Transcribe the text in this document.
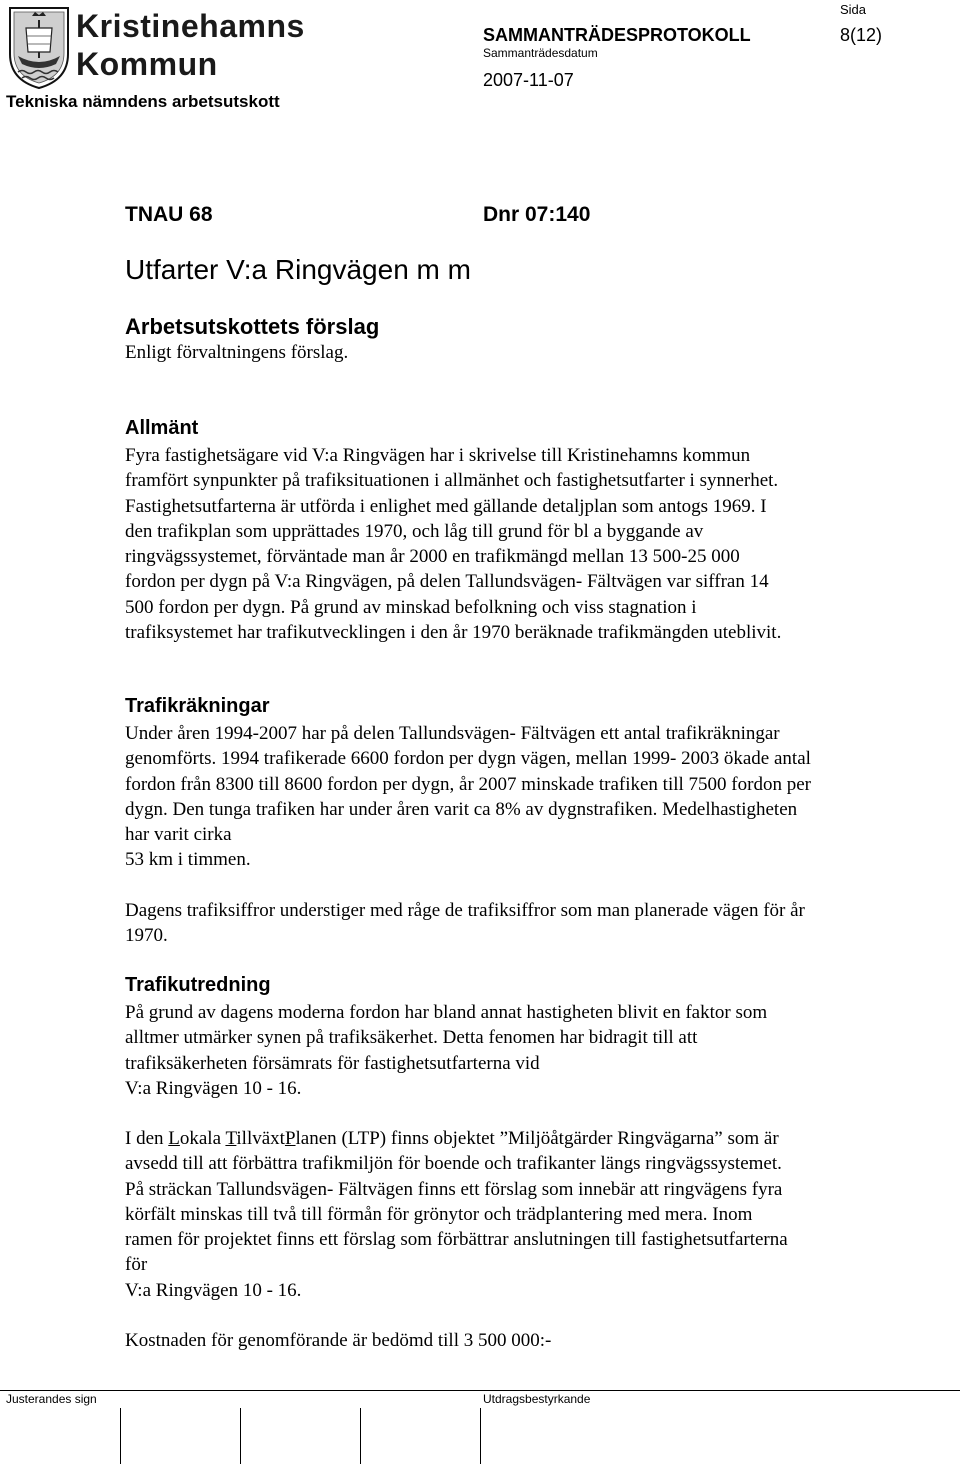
Kristinehamns
Kommun
Tekniska nämndens arbetsutskott
Sida
SAMMANTRÄDESPROTOKOLL	8(12)
Sammanträdesdatum
2007-11-07
TNAU 68	Dnr 07:140
Utfarter V:a Ringvägen m m
Arbetsutskottets förslag
Enligt förvaltningens förslag.
Allmänt
Fyra fastighetsägare vid V:a Ringvägen har i skrivelse till Kristinehamns kommun framfört synpunkter på trafiksituationen i allmänhet och fastighetsutfarter i synnerhet. Fastighetsutfarterna är utförda i enlighet med gällande detaljplan som antogs 1969. I den trafikplan som upprättades 1970, och låg till grund för bl a byggande av ringvägssystemet, förväntade man år 2000 en trafikmängd mellan 13 500-25 000 fordon per dygn på V:a Ringvägen, på delen Tallundsvägen- Fältvägen var siffran 14 500 fordon per dygn. På grund av minskad befolkning och viss stagnation i trafiksystemet har trafikutvecklingen i den år 1970 beräknade trafikmängden uteblivit.
Trafikräkningar
Under åren 1994-2007 har på delen Tallundsvägen- Fältvägen ett antal trafikräkningar genomförts. 1994 trafikerade 6600 fordon per dygn vägen, mellan 1999- 2003 ökade antal fordon från 8300 till 8600 fordon per dygn, år 2007 minskade trafiken till 7500 fordon per dygn. Den tunga trafiken har under åren varit ca 8% av dygnstrafiken. Medelhastigheten har varit cirka
53 km i timmen.
Dagens trafiksiffror understiger med råge de trafiksiffror som man planerade vägen för år 1970.
Trafikutredning
På grund av dagens moderna fordon har bland annat hastigheten blivit en faktor som alltmer utmärker synen på trafiksäkerhet. Detta fenomen har bidragit till att trafiksäkerheten försämrats för fastighetsutfarterna vid
V:a Ringvägen 10 - 16.
I den Lokala TillväxtPlanen (LTP) finns objektet ”Miljöåtgärder Ringvägarna” som är avsedd till att förbättra trafikmiljön för boende och trafikanter längs ringvägssystemet. På sträckan Tallundsvägen- Fältvägen finns ett förslag som innebär att ringvägens fyra körfält minskas till två till förmån för grönytor och trädplantering med mera. Inom ramen för projektet finns ett förslag som förbättrar anslutningen till fastighetsutfarterna för
V:a Ringvägen 10 - 16.
Kostnaden för genomförande är bedömd till 3 500 000:-
Justerandes sign	Utdragsbestyrkande
